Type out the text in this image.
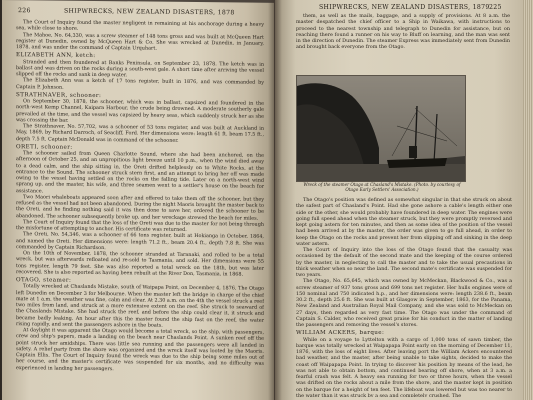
226	SHIPWRECKS, NEW ZEALAND DISASTERS, 1878

The Court of Inquiry found the master negligent in remaining at his anchorage during a heavy sea, while close to shore.

The Mahoe, No. 64,330, was a screw steamer of 148 tons gross and was built at McQueen Hart register at Dunedin, owned by McQueen Hart & Co. She was wrecked at Dunedin, in January, 1878, and was under the command of Captain Urquhart.

ELIZABETH ANN, ketch:

Stranded and then foundered at Banks Peninsula, on September 23, 1878. The ketch was in ballast and was driven on the rocks during a south-west gale. A short time after arriving the vessel slipped off the rocks and sank in deep water.

The Elizabeth Ann was a ketch of 17 tons register, built in 1876, and was commanded by Captain P. Johnson.

STRATHNAVER, schooner:

On September 30, 1878, the schooner, which was in ballast, capsized and foundered in the north-west Kemp Channel, Kaipara Harbour, the crude being drowned. A moderate southerly gale prevailed at the time, and the vessel was capsized by heavy seas, which suddenly struck her as she was crossing the bar.

The Strathnaver, No. 57,702, was a schooner of 53 tons register, and was built at Auckland in May, 1869, by Richard Darroch, of Seacliff, Ford. Her dimensions were: length 61 ft. beam 17.5 ft., depth 7.5 ft. Captain McDonald was in command of the schooner.

ORETI, schooner:

The schooner sailed from Queen Charlotte Sound, where she had been anchored, on the afternoon of October 25, and an unpropitious light breeze until 10 p.m., when the wind died away to a dead calm, and the ship sitting in, the Oreti drifted helplessly on to White Rocks, at the entrance to the Sound. The schooner struck stern first, and an attempt to bring her off was made owing to the vessel having settled on the rocks on the falling tide. Later on a north-west wind sprang up, and the master, his wife, and three seamen went to a settler's house on the beach for assistance.

Two Maori whaleboats appeared soon after and offered to take them off the schooner, but they refused as the vessel had not been abandoned. During the night Maoris brought the master back to the Oreti, and he finding nothing said it was then done to save her, ordered the schooner to be abandoned. The schooner subsequently broke up, and her wreckage strewed the beach for miles.

The Court of Inquiry found that the loss of the Oreti was due to the master for not being through the misfortune of attempting to anchor. His certificate was returned.

The Oreti, No. 54,346, was a schooner of 66 tons register, built at Hokianga in October, 1864, and named the Oreti. Her dimensions were: length 71.2 ft., beam 20.4 ft., depth 7.8 ft. She was commanded by Captain Richardson.

On the 10th of November, 1878, the schooner stranded at Taranaki, and rolled to be a total wreck, but was afterwards refloated and re-sold to Tasmania, and sold. Her dimensions were 55 tons register, length 79 feet. She was also reported a total wreck on the 18th, but was later recovered. She is also reported as having been rebuilt at the River Don, Tasmania, in 1868.

OTAGO, steamer:

Totally wrecked at Chaslands Mistake, south of Waipapa Point, on December 4, 1876. The Otago left Dunedin on December 3 for Melbourne. When the master left the bridge in charge of the chief mate at 1 a.m. the weather was fine, calm and clear. At 2.30 a.m. on the 4th the vessel struck a reef two miles from land, and struck at a more extensive extent on the reef. She struck to seaward of the Chaslands Mistake. She had struck the reef, and before the ship could clear it, it struck and became badly leaking. An hour after this the master found the ship fast on the reef, the water rising rapidly, and sent the passengers ashore in the boats.

At daylight it was apparent the Otago would become a total wreck, so the ship, with passengers, crew and ship's papers, made a landing on the beach near Chaslands Point. A sunken reef off the point struck her amidships. There was little sea running and the passengers were all landed in safety. A relief party from the shore was organized and the wreck itself was looted by the Maoris. Captain Ellis. The Court of Inquiry found the wreck was due to the ship being some miles out of her course, and the master's certificate was suspended for six months, and no difficulty was experienced in landing her passengers.

SHIPWRECKS, NEW ZEALAND DISASTERS, 1879 225

them, as well as the mails, baggage, and a supply of provisions. At 8 a.m. the master despatched the chief officer to a Ship in Waikawa, with instructions to proceed to the nearest township and telegraph to Dunedin for assistance, but on reaching there found a runner on his way to Bluff on learning, and the man was sent in the direction of Dunedin. The steamer Express was immediately sent from Dunedin and brought back everyone from the Otago.

Wreck of the steamer Otago at Chasland's Mistake. (Photo. by courtesy of Otago Early Settlers' Association.)

The Otago's position was defined as somewhat singular in that she struck on about the safest part of Chasland's Point. Had she gone ashore a cable's length either one side or the other, she would probably have foundered in deep water. The engines were going full speed ahead when the steamer struck, but they were promptly reversed and kept going astern for ten minutes, and then as some idea of the position of the vessel had been arrived at by the master, the order was given to go full ahead, in order to keep the Otago on the rocks and prevent her from slipping off and sinking in the deep water astern.

The Court of Inquiry into the loss of the Otago found that the casualty was occasioned by the default of the second mate and the keeping of the course ordered by the master, in neglecting to call the master and to take the usual precautions in thick weather when so near the land. The second mate's certificate was suspended for two years.

The Otago, No. 65,645, which was owned by McMeckan, Blackwood & Co., was a screw steamer of 937 tons gross and 699 tons net register. Her hulls engines were of 150 nominal and 750 indicated h.p., and her dimensions were: length 238.6 ft., beam 30.2 ft., depth 25.6 ft. She was built at Glasgow in September, 1863, for the Panama, New Zealand and Australian Royal Mail Company, and she was sold to McMeckan on 27 days, then regarded as very fast time. The Otago was under the command of Captain S. Calder, who received great praise for his conduct in the matter of landing the passengers and removing the vessel's stores.

WILLIAM ACKERS, barque:

While on a voyage to Lyttelton with a cargo of 1,000 tons of sawn timber, the barque was totally wrecked at Waipapapa Point early on the morning of December 11, 1876, with the loss of eight lives. After leaving port the William Ackers encountered bad weather, and the master, after being unable to take sights, decided to make the coast off Waipapapa Point. In trying to discover his position by means of the lead, he was not able to obtain bottom, and continued bearing off shore, when at 3 a.m. a fearful crash was felt. A heavy sea running for two or three hours, when the vessel was drifted on the rocks about a mile from the shore, and the master kept in position on the barque for a height of ten feet. The lifeboat was lowered but was too nearer to the water than it was struck by a sea and completely crushed. The
